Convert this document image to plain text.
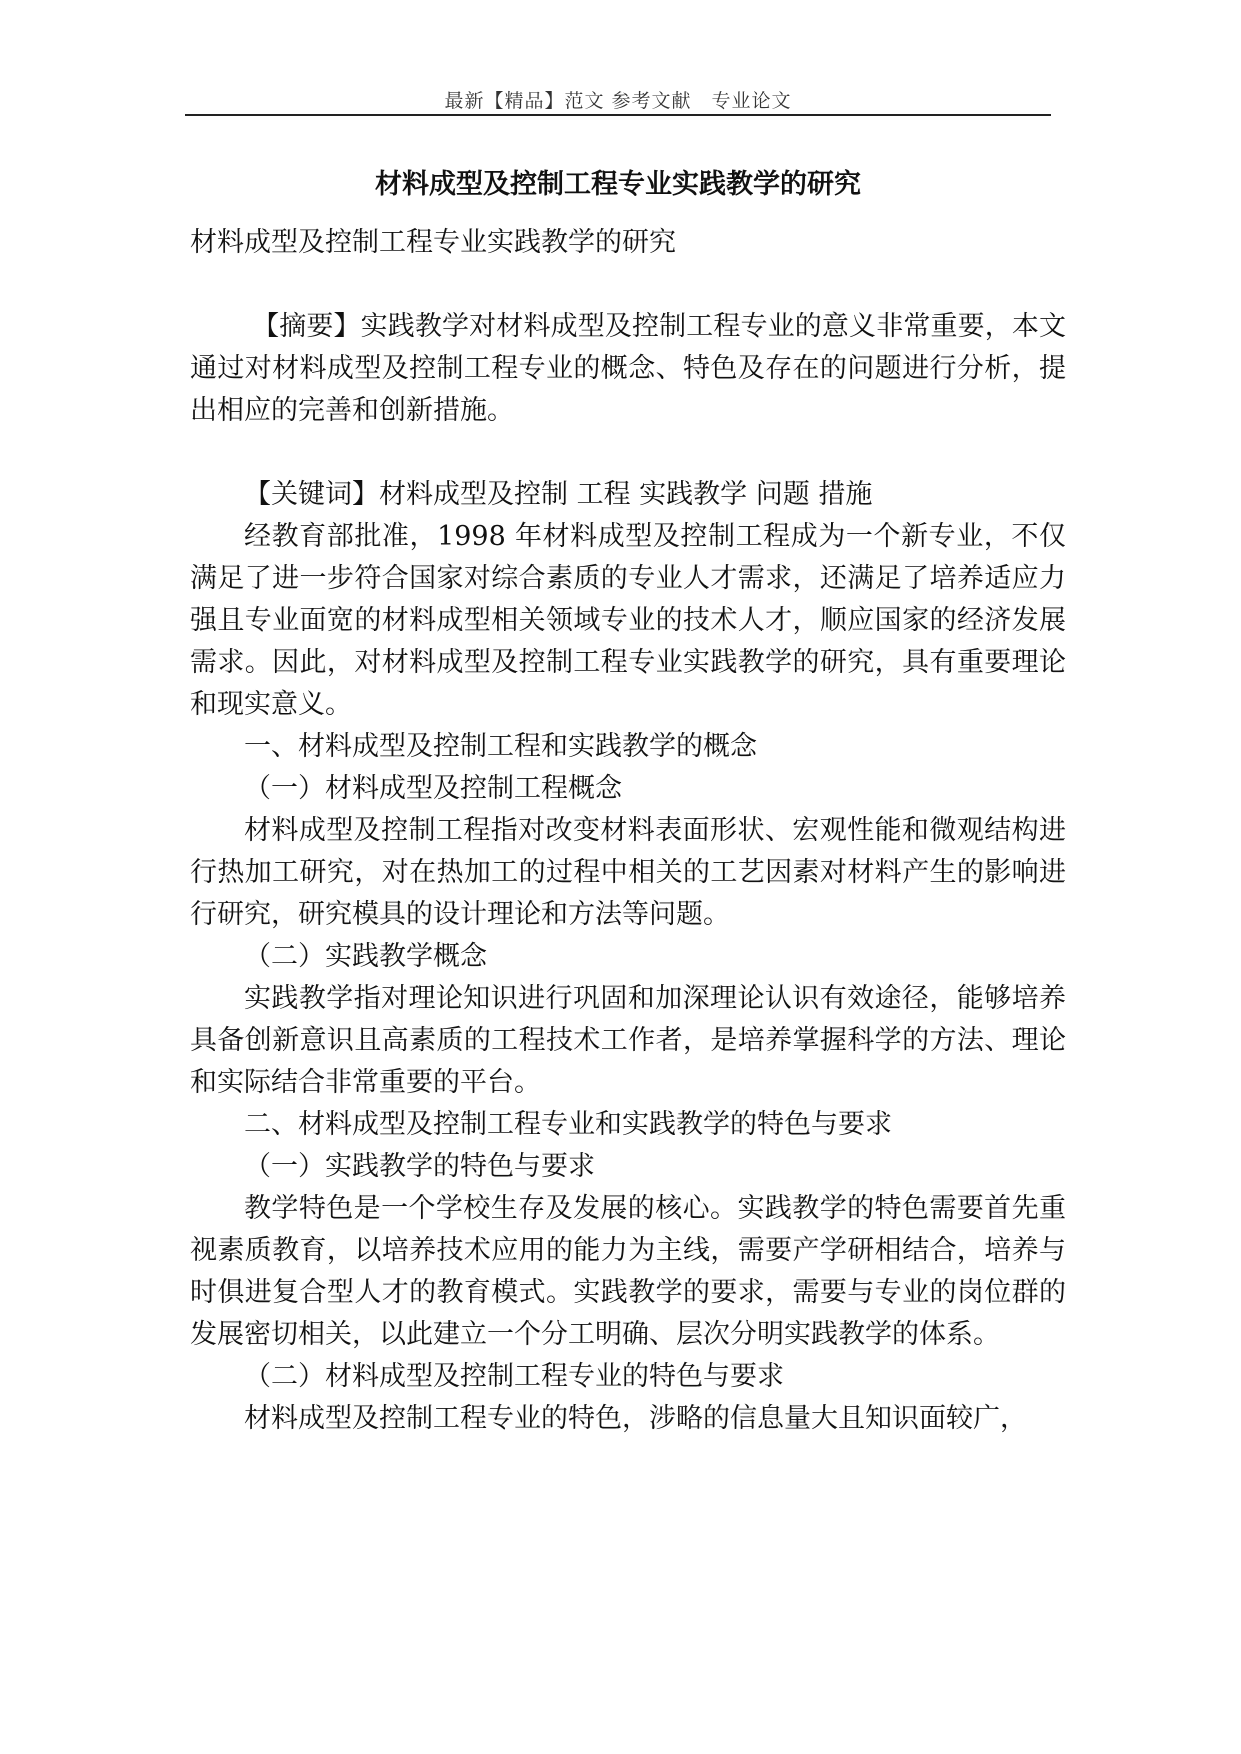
最新【精品】范文 参考文献　专业论文
材料成型及控制工程专业实践教学的研究

材料成型及控制工程专业实践教学的研究

【摘要】实践教学对材料成型及控制工程专业的意义非常重要，本文通过对材料成型及控制工程专业的概念、特色及存在的问题进行分析，提出相应的完善和创新措施。

【关键词】材料成型及控制 工程 实践教学 问题 措施

经教育部批准，1998 年材料成型及控制工程成为一个新专业，不仅满足了进一步符合国家对综合素质的专业人才需求，还满足了培养适应力强且专业面宽的材料成型相关领域专业的技术人才，顺应国家的经济发展需求。因此，对材料成型及控制工程专业实践教学的研究，具有重要理论和现实意义。

一、材料成型及控制工程和实践教学的概念

（一）材料成型及控制工程概念

材料成型及控制工程指对改变材料表面形状、宏观性能和微观结构进行热加工研究，对在热加工的过程中相关的工艺因素对材料产生的影响进行研究，研究模具的设计理论和方法等问题。

（二）实践教学概念

实践教学指对理论知识进行巩固和加深理论认识有效途径，能够培养具备创新意识且高素质的工程技术工作者，是培养掌握科学的方法、理论和实际结合非常重要的平台。

二、材料成型及控制工程专业和实践教学的特色与要求

（一）实践教学的特色与要求

教学特色是一个学校生存及发展的核心。实践教学的特色需要首先重视素质教育，以培养技术应用的能力为主线，需要产学研相结合，培养与时俱进复合型人才的教育模式。实践教学的要求，需要与专业的岗位群的发展密切相关，以此建立一个分工明确、层次分明实践教学的体系。

（二）材料成型及控制工程专业的特色与要求

材料成型及控制工程专业的特色，涉略的信息量大且知识面较广，
